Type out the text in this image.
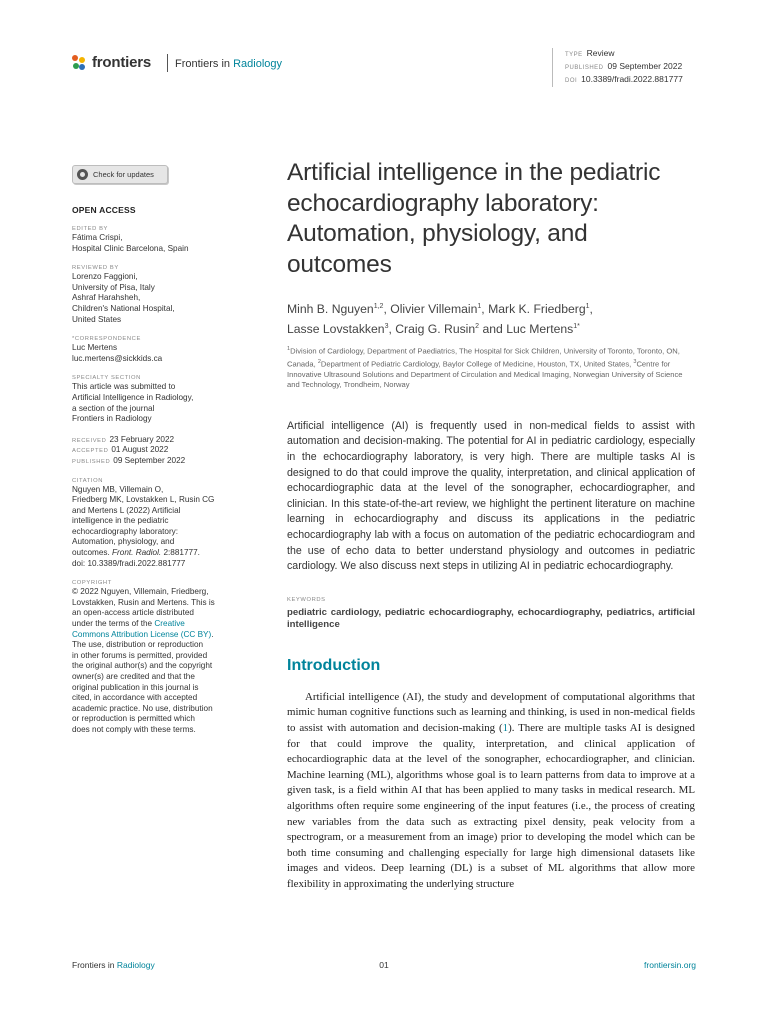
frontiers Frontiers in Radiology
TYPE Review
PUBLISHED 09 September 2022
DOI 10.3389/fradi.2022.881777
Check for updates
OPEN ACCESS
EDITED BY
Fátima Crispi,
Hospital Clinic Barcelona, Spain
REVIEWED BY
Lorenzo Faggioni,
University of Pisa, Italy
Ashraf Harahsheh,
Children's National Hospital,
United States
*CORRESPONDENCE
Luc Mertens
luc.mertens@sickkids.ca
SPECIALTY SECTION
This article was submitted to
Artificial Intelligence in Radiology,
a section of the journal
Frontiers in Radiology
RECEIVED 23 February 2022
ACCEPTED 01 August 2022
PUBLISHED 09 September 2022
CITATION
Nguyen MB, Villemain O,
Friedberg MK, Lovstakken L, Rusin CG
and Mertens L (2022) Artificial
intelligence in the pediatric
echocardiography laboratory:
Automation, physiology, and
outcomes. Front. Radiol. 2:881777.
doi: 10.3389/fradi.2022.881777
COPYRIGHT
© 2022 Nguyen, Villemain, Friedberg,
Lovstakken, Rusin and Mertens. This is
an open-access article distributed
under the terms of the Creative
Commons Attribution License (CC BY).
The use, distribution or reproduction
in other forums is permitted, provided
the original author(s) and the copyright
owner(s) are credited and that the
original publication in this journal is
cited, in accordance with accepted
academic practice. No use, distribution
or reproduction is permitted which
does not comply with these terms.
Artificial intelligence in the pediatric echocardiography laboratory: Automation, physiology, and outcomes
Minh B. Nguyen$^{1,2}$, Olivier Villemain$^1$, Mark K. Friedberg$^1$,
Lasse Lovstakken$^3$, Craig G. Rusin$^2$ and Luc Mertens$^{1*}$
$^1$Division of Cardiology, Department of Paediatrics, The Hospital for Sick Children, University of Toronto, Toronto, ON, Canada, $^2$Department of Pediatric Cardiology, Baylor College of Medicine, Houston, TX, United States, $^3$Centre for Innovative Ultrasound Solutions and Department of Circulation and Medical Imaging, Norwegian University of Science and Technology, Trondheim, Norway

Artificial intelligence (AI) is frequently used in non-medical fields to assist with automation and decision-making. The potential for AI in pediatric cardiology, especially in the echocardiography laboratory, is very high. There are multiple tasks AI is designed to do that could improve the quality, interpretation, and clinical application of echocardiographic data at the level of the sonographer, echocardiographer, and clinician. In this state-of-the-art review, we highlight the pertinent literature on machine learning in echocardiography and discuss its applications in the pediatric echocardiography lab with a focus on automation of the pediatric echocardiogram and the use of echo data to better understand physiology and outcomes in pediatric cardiology. We also discuss next steps in utilizing AI in pediatric echocardiography.

KEYWORDS
pediatric cardiology, pediatric echocardiography, echocardiography, pediatrics, artificial intelligence
Introduction

Artificial intelligence (AI), the study and development of computational algorithms that mimic human cognitive functions such as learning and thinking, is used in non-medical fields to assist with automation and decision-making (1). There are multiple tasks AI is designed for that could improve the quality, interpretation, and clinical application of echocardiographic data at the level of the sonographer, echocardiographer, and clinician. Machine learning (ML), algorithms whose goal is to learn patterns from data to improve at a given task, is a field within AI that has been applied to many tasks in medical research. ML algorithms often require some engineering of the input features (i.e., the process of creating new variables from the data such as extracting pixel density, peak velocity from a spectrogram, or a measurement from an image) prior to developing the model which can be both time consuming and challenging especially for large high dimensional datasets like images and videos. Deep learning (DL) is a subset of ML algorithms that allow more flexibility in approximating the underlying structure

Frontiers in Radiology	01	frontiersin.org
